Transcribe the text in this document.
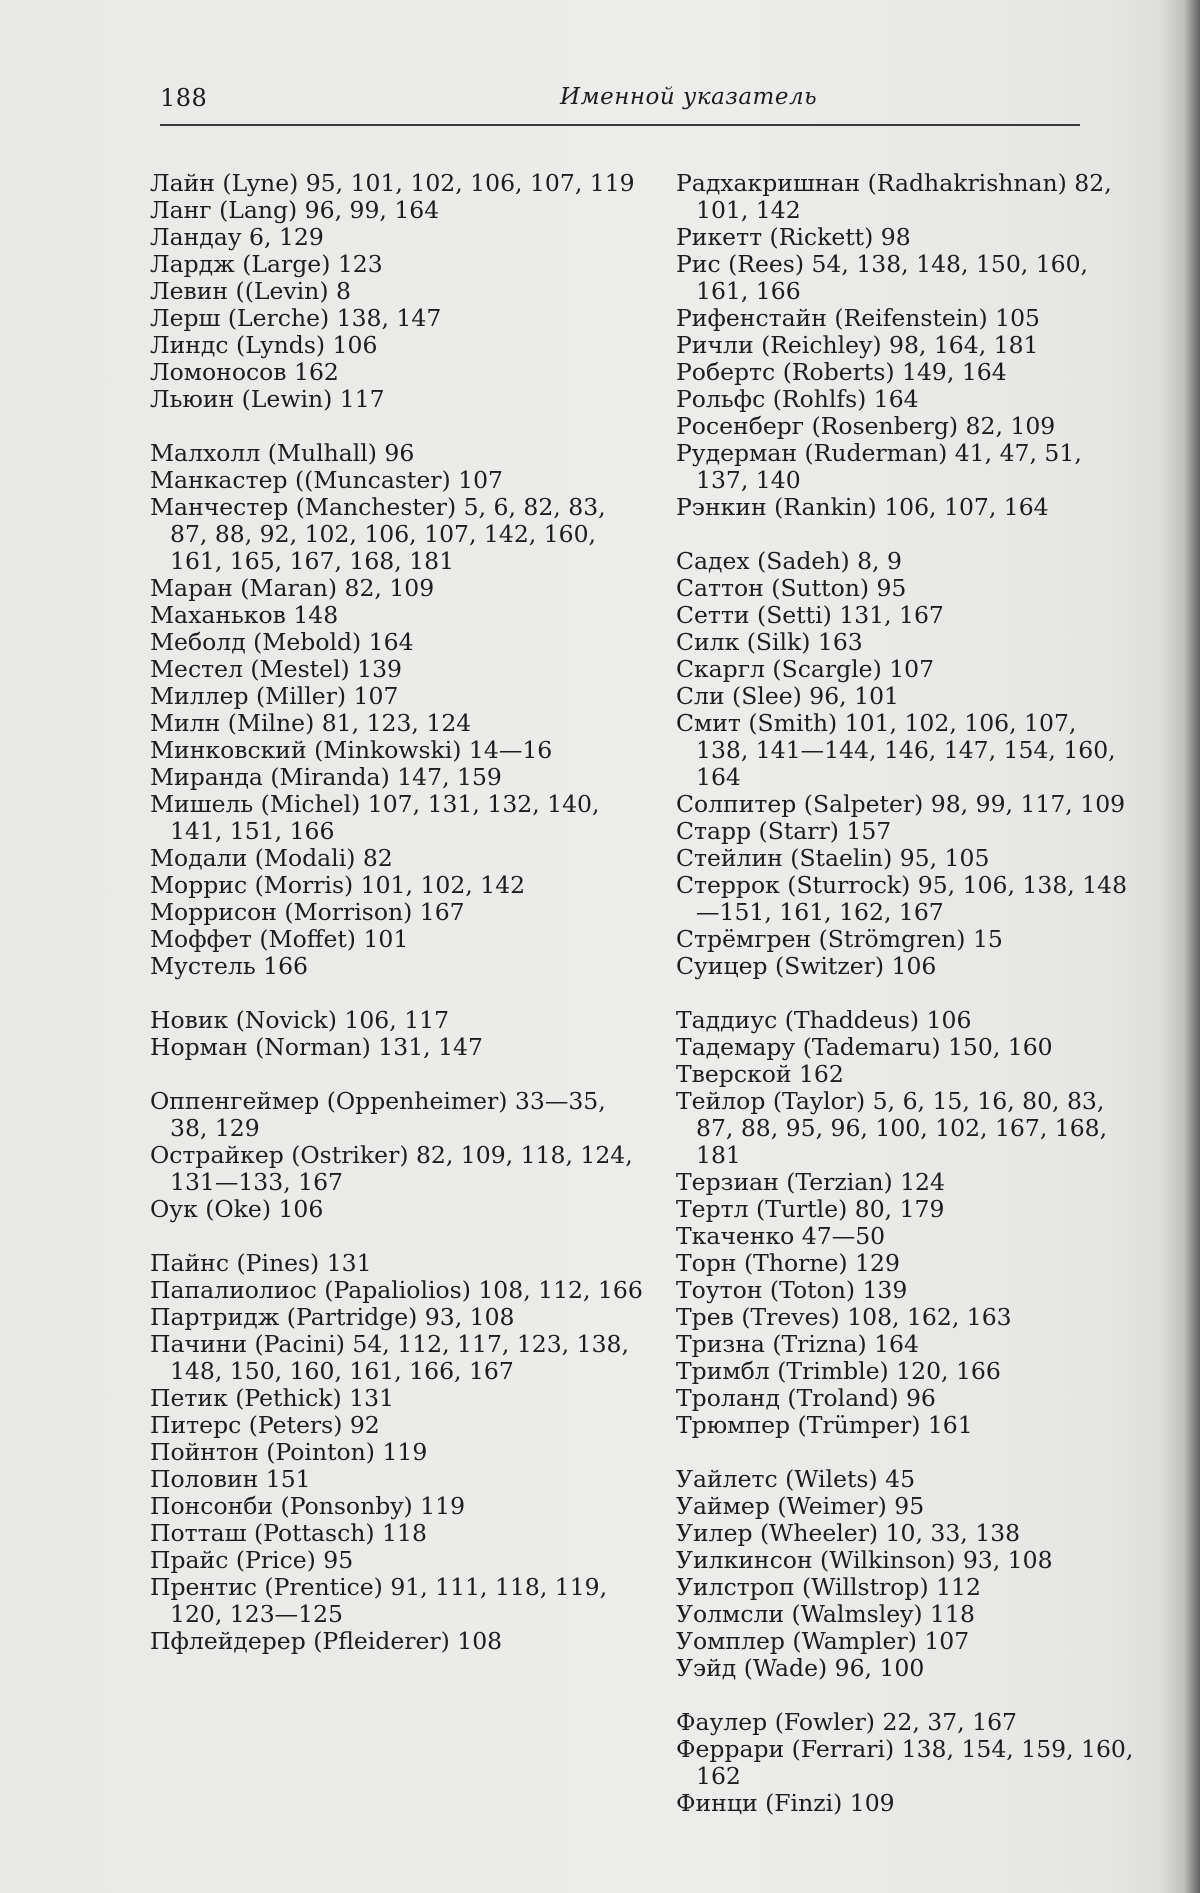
188	Именной указатель
Лайн (Lyne) 95, 101, 102, 106, 107, 119
Ланг (Lang) 96, 99, 164
Ландау 6, 129
Лардж (Large) 123
Левин ((Levin) 8
Лерш (Lerche) 138, 147
Линдс (Lynds) 106
Ломоносов 162
Льюин (Lewin) 117
Малхолл (Mulhall) 96
Манкастер ((Muncaster) 107
Манчестер (Manchester) 5, 6, 82, 83, 87, 88, 92, 102, 106, 107, 142, 160, 161, 165, 167, 168, 181
Маран (Maran) 82, 109
Маханьков 148
Меболд (Mebold) 164
Местел (Mestel) 139
Миллер (Miller) 107
Милн (Milne) 81, 123, 124
Минковский (Minkowski) 14—16
Миранда (Miranda) 147, 159
Мишель (Michel) 107, 131, 132, 140, 141, 151, 166
Модали (Modali) 82
Моррис (Morris) 101, 102, 142
Моррисон (Morrison) 167
Моффет (Moffet) 101
Мустель 166
Новик (Novick) 106, 117
Норман (Norman) 131, 147
Оппенгеймер (Oppenheimer) 33—35, 38, 129
Острайкер (Ostriker) 82, 109, 118, 124, 131—133, 167
Оук (Oke) 106
Пайнс (Pines) 131
Папалиолиос (Papaliolios) 108, 112, 166
Партридж (Partridge) 93, 108
Пачини (Pacini) 54, 112, 117, 123, 138, 148, 150, 160, 161, 166, 167
Петик (Pethick) 131
Питерс (Peters) 92
Пойнтон (Pointon) 119
Половин 151
Понсонби (Ponsonby) 119
Потташ (Pottasch) 118
Прайс (Price) 95
Прентис (Prentice) 91, 111, 118, 119, 120, 123—125
Пфлейдерер (Pfleiderer) 108
Радхакришнан (Radhakrishnan) 82, 101, 142
Рикетт (Rickett) 98
Рис (Rees) 54, 138, 148, 150, 160, 161, 166
Рифенстайн (Reifenstein) 105
Ричли (Reichley) 98, 164, 181
Робертс (Roberts) 149, 164
Рольфс (Rohlfs) 164
Росенберг (Rosenberg) 82, 109
Рудерман (Ruderman) 41, 47, 51, 137, 140
Рэнкин (Rankin) 106, 107, 164
Садех (Sadeh) 8, 9
Саттон (Sutton) 95
Сетти (Setti) 131, 167
Силк (Silk) 163
Скаргл (Scargle) 107
Сли (Slee) 96, 101
Смит (Smith) 101, 102, 106, 107, 138, 141—144, 146, 147, 154, 160, 164
Солпитер (Salpeter) 98, 99, 117, 109
Старр (Starr) 157
Стейлин (Staelin) 95, 105
Стеррок (Sturrock) 95, 106, 138, 148—151, 161, 162, 167
Стрёмгрен (Strömgren) 15
Суицер (Switzer) 106
Таддиус (Thaddeus) 106
Тадемару (Tademaru) 150, 160
Тверской 162
Тейлор (Taylor) 5, 6, 15, 16, 80, 83, 87, 88, 95, 96, 100, 102, 167, 168, 181
Терзиан (Terzian) 124
Тертл (Turtle) 80, 179
Ткаченко 47—50
Торн (Thorne) 129
Тоутон (Toton) 139
Трев (Treves) 108, 162, 163
Тризна (Trizna) 164
Тримбл (Trimble) 120, 166
Троланд (Troland) 96
Трюмпер (Trümper) 161
Уайлетс (Wilets) 45
Уаймер (Weimer) 95
Уилер (Wheeler) 10, 33, 138
Уилкинсон (Wilkinson) 93, 108
Уилстроп (Willstrop) 112
Уолмсли (Walmsley) 118
Уомплер (Wampler) 107
Уэйд (Wade) 96, 100
Фаулер (Fowler) 22, 37, 167
Феррари (Ferrari) 138, 154, 159, 160, 162
Финци (Finzi) 109
